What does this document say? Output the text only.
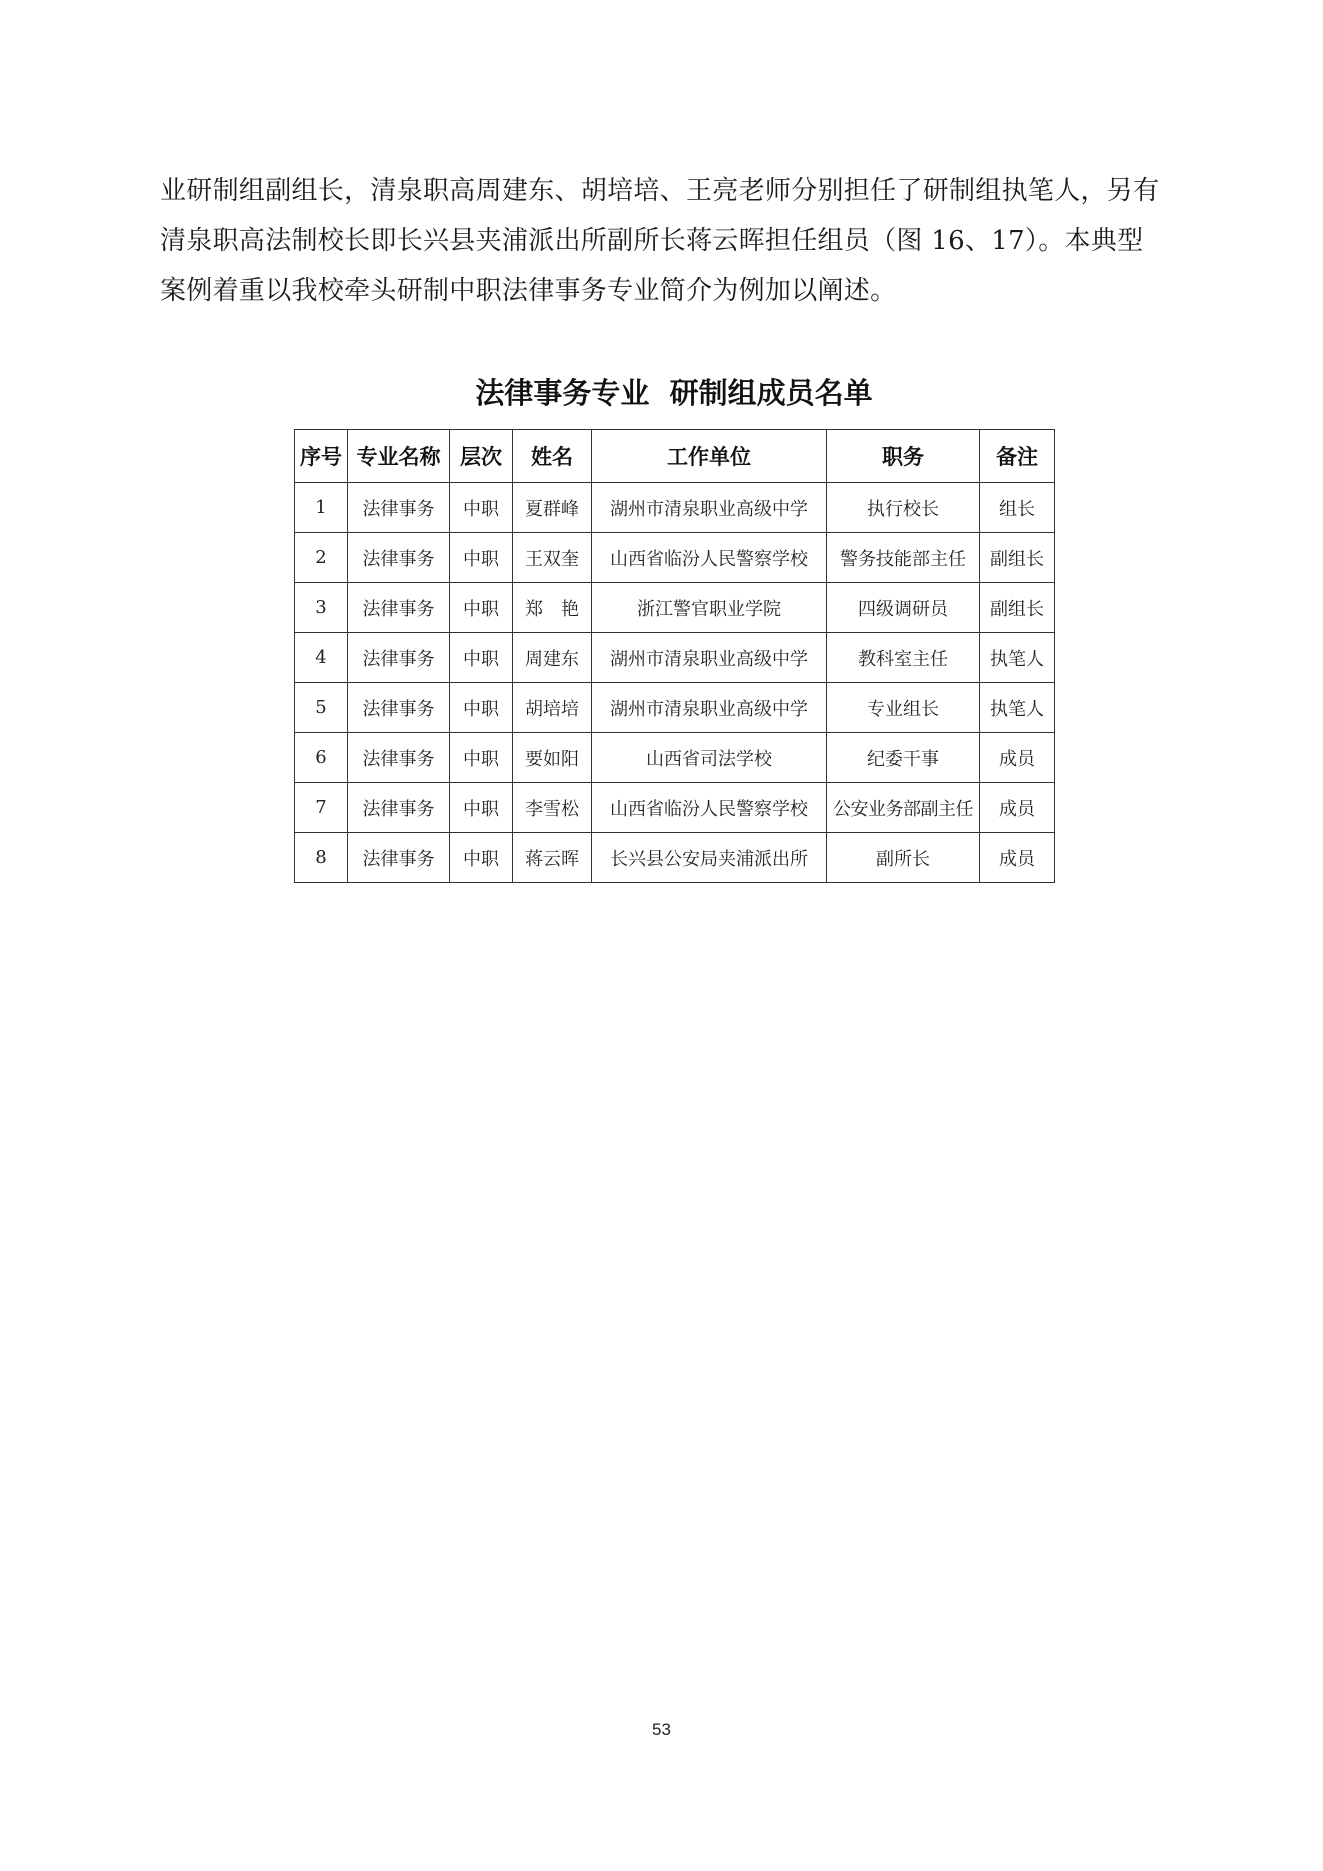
业研制组副组长，清泉职高周建东、胡培培、王亮老师分别担任了研制组执笔人，另有
清泉职高法制校长即长兴县夹浦派出所副所长蒋云晖担任组员（图 16、17）。本典型
案例着重以我校牵头研制中职法律事务专业简介为例加以阐述。
法律事务专业  研制组成员名单
序号	专业名称	层次	姓名	工作单位	职务	备注
1	法律事务	中职	夏群峰	湖州市清泉职业高级中学	执行校长	组长
2	法律事务	中职	王双奎	山西省临汾人民警察学校	警务技能部主任	副组长
3	法律事务	中职	郑　艳	浙江警官职业学院	四级调研员	副组长
4	法律事务	中职	周建东	湖州市清泉职业高级中学	教科室主任	执笔人
5	法律事务	中职	胡培培	湖州市清泉职业高级中学	专业组长	执笔人
6	法律事务	中职	要如阳	山西省司法学校	纪委干事	成员
7	法律事务	中职	李雪松	山西省临汾人民警察学校	公安业务部副主任	成员
8	法律事务	中职	蒋云晖	长兴县公安局夹浦派出所	副所长	成员
53
